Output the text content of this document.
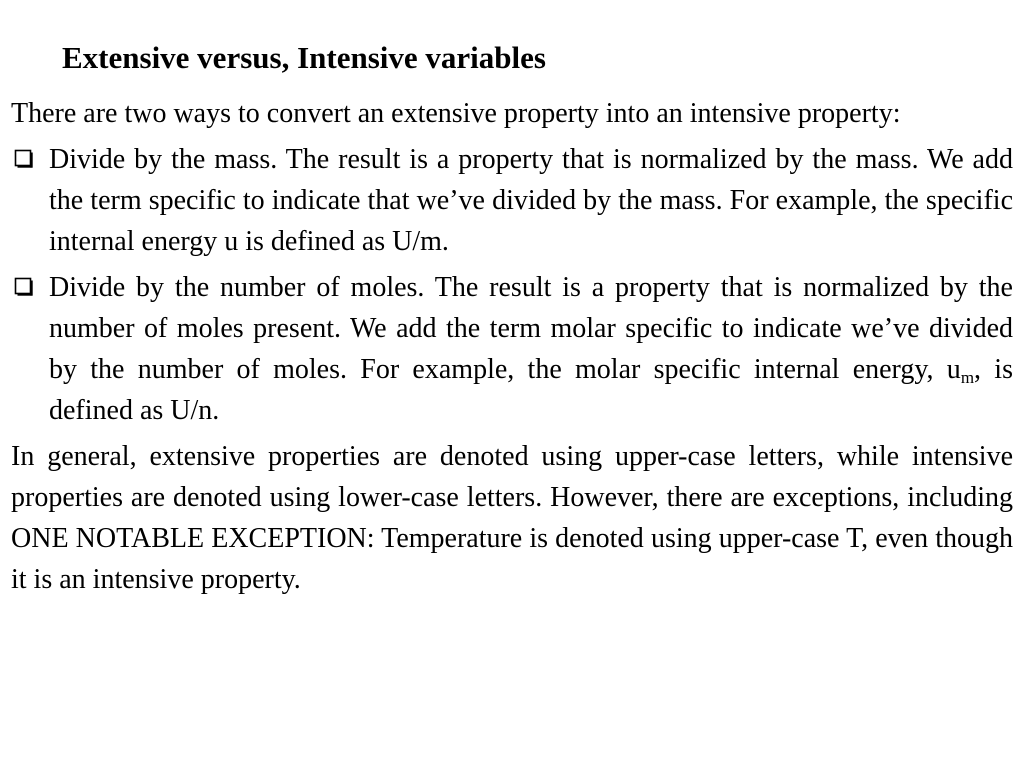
Extensive versus, Intensive variables

There are two ways to convert an extensive property into an intensive property:

Divide by the mass. The result is a property that is normalized by the mass. We add the term specific to indicate that we’ve divided by the mass. For example, the specific internal energy u is defined as U/m.
Divide by the number of moles. The result is a property that is normalized by the number of moles present. We add the term molar specific to indicate we’ve divided by the number of moles. For example, the molar specific internal energy, $u_m$, is defined as U/n.

In general, extensive properties are denoted using upper-case letters, while intensive properties are denoted using lower-case letters. However, there are exceptions, including ONE NOTABLE EXCEPTION: Temperature is denoted using upper-case T, even though it is an intensive property.
